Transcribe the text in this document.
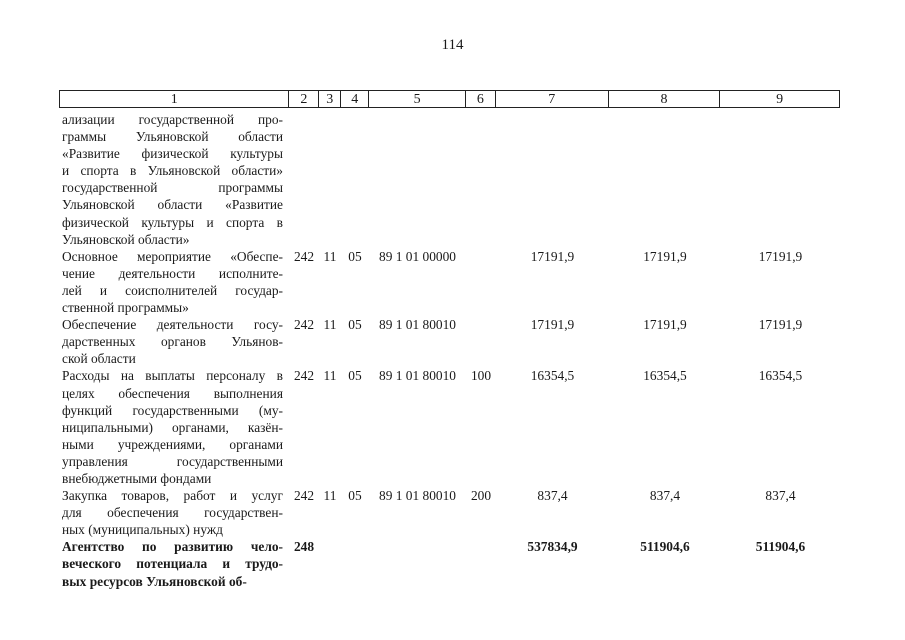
114
1	2	3	4	5	6	7	8	9
ализации государственной про-
граммы Ульяновской области
«Развитие физической культуры
и спорта в Ульяновской области»
государственной программы
Ульяновской области «Развитие
физической культуры и спорта в
Ульяновской области»
Основное мероприятие «Обеспе-
чение деятельности исполните-
лей и соисполнителей государ-
ственной программы»
242 11 05	89 1 01 00000	17191,9	17191,9	17191,9
Обеспечение деятельности госу-
дарственных органов Ульянов-
ской области
242 11 05	89 1 01 80010	17191,9	17191,9	17191,9
Расходы на выплаты персоналу в
целях обеспечения выполнения
функций государственными (му-
ниципальными) органами, казён-
ными учреждениями, органами
управления государственными
внебюджетными фондами
242 11 05	89 1 01 80010	100	16354,5	16354,5	16354,5
Закупка товаров, работ и услуг
для обеспечения государствен-
ных (муниципальных) нужд
242 11 05	89 1 01 80010	200	837,4	837,4	837,4
Агентство по развитию чело-
веческого потенциала и трудо-
вых ресурсов Ульяновской об-
248	537834,9	511904,6	511904,6
